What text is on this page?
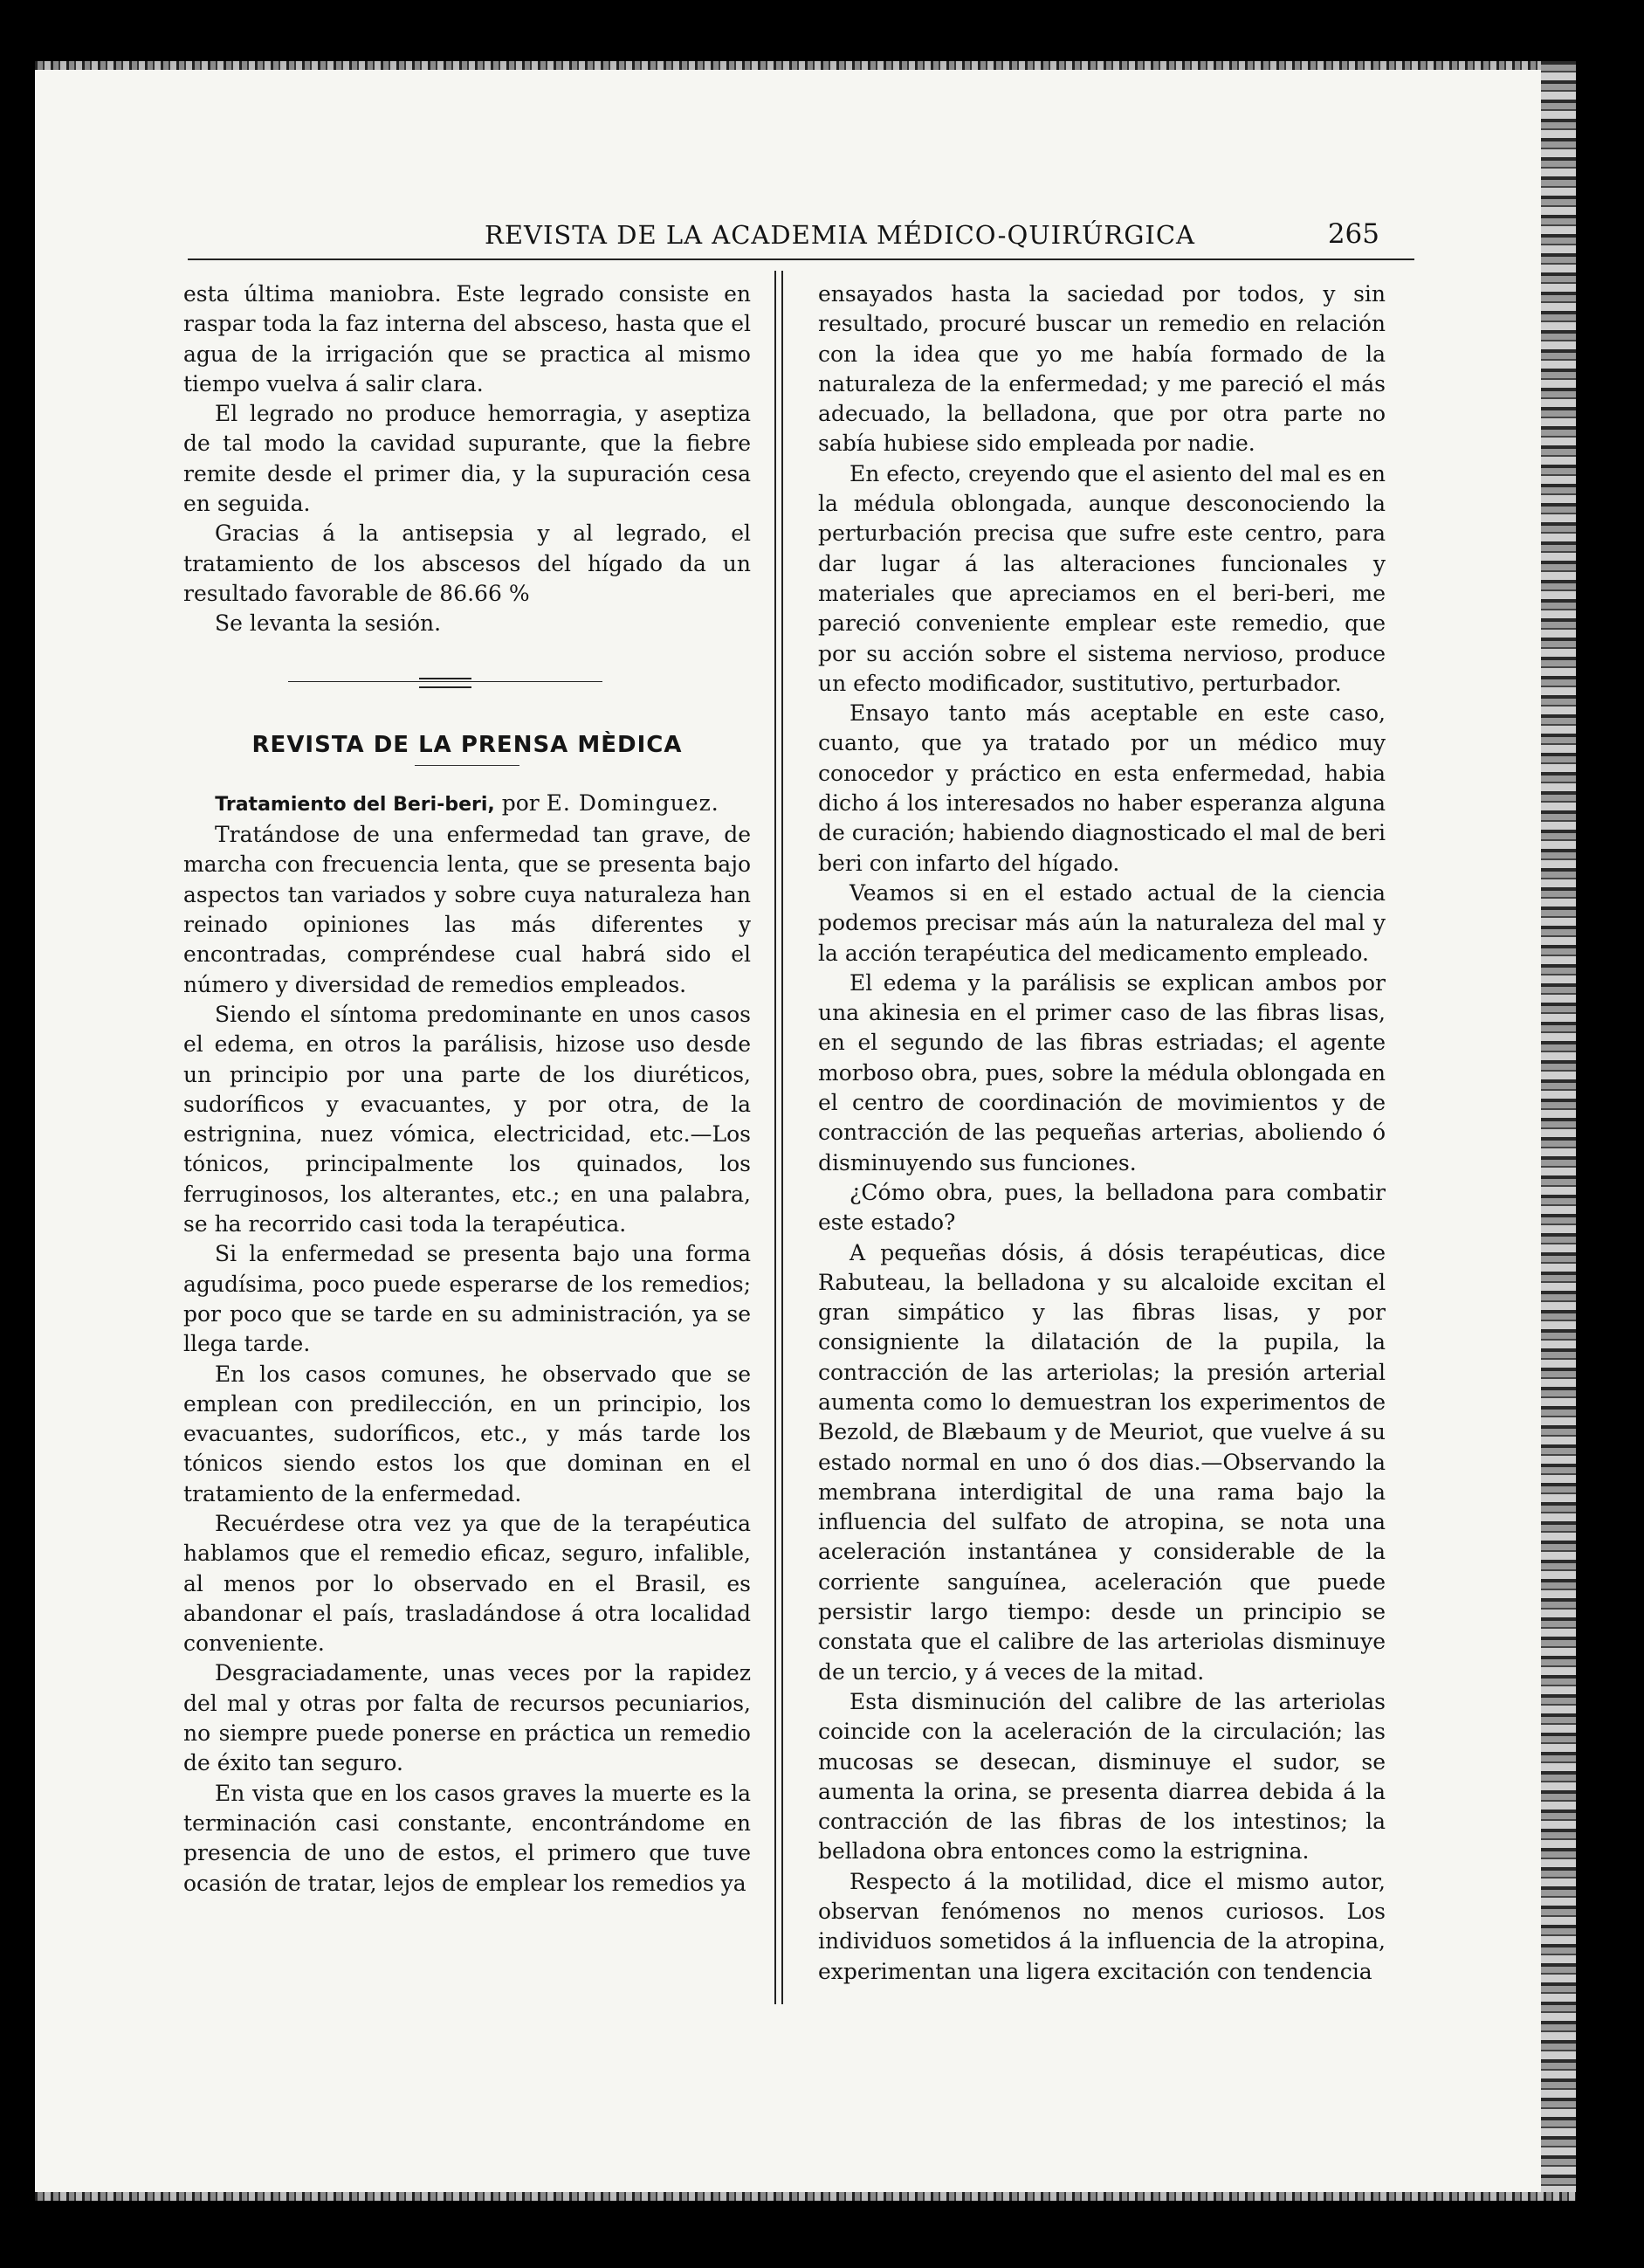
REVISTA DE LA ACADEMIA MÉDICO-QUIRÚRGICA	265

esta última maniobra. Este legrado consiste en raspar toda la faz interna del absceso, hasta que el agua de la irrigación que se practica al mismo tiempo vuelva á salir clara.

El legrado no produce hemorragia, y aseptiza de tal modo la cavidad supurante, que la fiebre remite desde el primer dia, y la supuración cesa en seguida.

Gracias á la antisepsia y al legrado, el tratamiento de los abscesos del hígado da un resultado favorable de 86.66 %

Se levanta la sesión.

REVISTA DE LA PRENSA MÈDICA

Tratamiento del Beri-beri, por E. Dominguez.

Tratándose de una enfermedad tan grave, de marcha con frecuencia lenta, que se presenta bajo aspectos tan variados y sobre cuya naturaleza han reinado opiniones las más diferentes y encontradas, compréndese cual habrá sido el número y diversidad de remedios empleados.

Siendo el síntoma predominante en unos casos el edema, en otros la parálisis, hizose uso desde un principio por una parte de los diuréticos, sudoríficos y evacuantes, y por otra, de la estrignina, nuez vómica, electricidad, etc.—Los tónicos, principalmente los quinados, los ferruginosos, los alterantes, etc.; en una palabra, se ha recorrido casi toda la terapéutica.

Si la enfermedad se presenta bajo una forma agudísima, poco puede esperarse de los remedios; por poco que se tarde en su administración, ya se llega tarde.

En los casos comunes, he observado que se emplean con predilección, en un principio, los evacuantes, sudoríficos, etc., y más tarde los tónicos siendo estos los que dominan en el tratamiento de la enfermedad.

Recuérdese otra vez ya que de la terapéutica hablamos que el remedio eficaz, seguro, infalible, al menos por lo observado en el Brasil, es abandonar el país, trasladándose á otra localidad conveniente.

Desgraciadamente, unas veces por la rapidez del mal y otras por falta de recursos pecuniarios, no siempre puede ponerse en práctica un remedio de éxito tan seguro.

En vista que en los casos graves la muerte es la terminación casi constante, encontrándome en presencia de uno de estos, el primero que tuve ocasión de tratar, lejos de emplear los remedios ya

ensayados hasta la saciedad por todos, y sin resultado, procuré buscar un remedio en relación con la idea que yo me había formado de la naturaleza de la enfermedad; y me pareció el más adecuado, la belladona, que por otra parte no sabía hubiese sido empleada por nadie.

En efecto, creyendo que el asiento del mal es en la médula oblongada, aunque desconociendo la perturbación precisa que sufre este centro, para dar lugar á las alteraciones funcionales y materiales que apreciamos en el beri-beri, me pareció conveniente emplear este remedio, que por su acción sobre el sistema nervioso, produce un efecto modificador, sustitutivo, perturbador.

Ensayo tanto más aceptable en este caso, cuanto, que ya tratado por un médico muy conocedor y práctico en esta enfermedad, habia dicho á los interesados no haber esperanza alguna de curación; habiendo diagnosticado el mal de beri beri con infarto del hígado.

Veamos si en el estado actual de la ciencia podemos precisar más aún la naturaleza del mal y la acción terapéutica del medicamento empleado.

El edema y la parálisis se explican ambos por una akinesia en el primer caso de las fibras lisas, en el segundo de las fibras estriadas; el agente morboso obra, pues, sobre la médula oblongada en el centro de coordinación de movimientos y de contracción de las pequeñas arterias, aboliendo ó disminuyendo sus funciones.

¿Cómo obra, pues, la belladona para combatir este estado?

A pequeñas dósis, á dósis terapéuticas, dice Rabuteau, la belladona y su alcaloide excitan el gran simpático y las fibras lisas, y por consigniente la dilatación de la pupila, la contracción de las arteriolas; la presión arterial aumenta como lo demuestran los experimentos de Bezold, de Blæbaum y de Meuriot, que vuelve á su estado normal en uno ó dos dias.—Observando la membrana interdigital de una rama bajo la influencia del sulfato de atropina, se nota una aceleración instantánea y considerable de la corriente sanguínea, aceleración que puede persistir largo tiempo: desde un principio se constata que el calibre de las arteriolas disminuye de un tercio, y á veces de la mitad.

Esta disminución del calibre de las arteriolas coincide con la aceleración de la circulación; las mucosas se desecan, disminuye el sudor, se aumenta la orina, se presenta diarrea debida á la contracción de las fibras de los intestinos; la belladona obra entonces como la estrignina.

Respecto á la motilidad, dice el mismo autor, observan fenómenos no menos curiosos. Los individuos sometidos á la influencia de la atropina, experimentan una ligera excitación con tendencia
